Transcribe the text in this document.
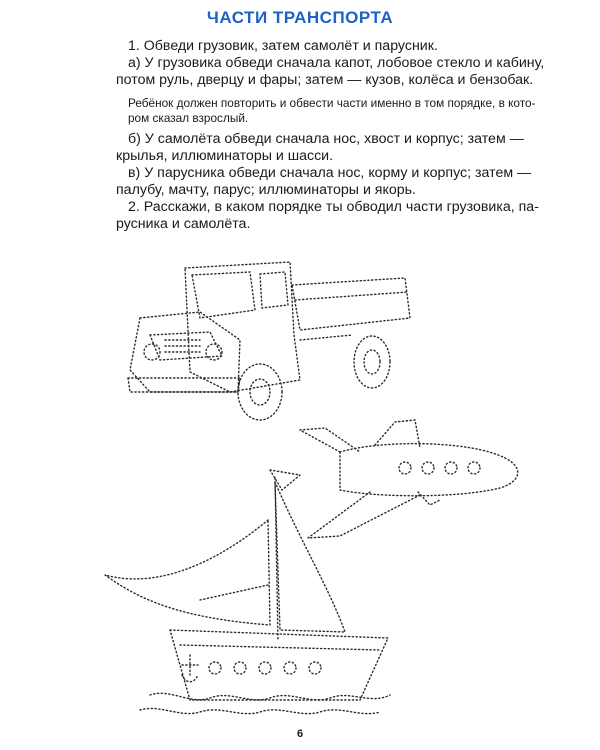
ЧАСТИ ТРАНСПОРТА
1. Обведи грузовик, затем самолёт и парусник.
а) У грузовика обведи сначала капот, лобовое стекло и кабину,
потом руль, дверцу и фары; затем — кузов, колёса и бензобак.
Ребёнок должен повторить и обвести части именно в том порядке, в кото-
ром сказал взрослый.
б) У самолёта обведи сначала нос, хвост и корпус; затем —
крылья, иллюминаторы и шасси.
в) У парусника обведи сначала нос, корму и корпус; затем —
палубу, мачту, парус; иллюминаторы и якорь.
2. Расскажи, в каком порядке ты обводил части грузовика, па-
русника и самолёта.
6
